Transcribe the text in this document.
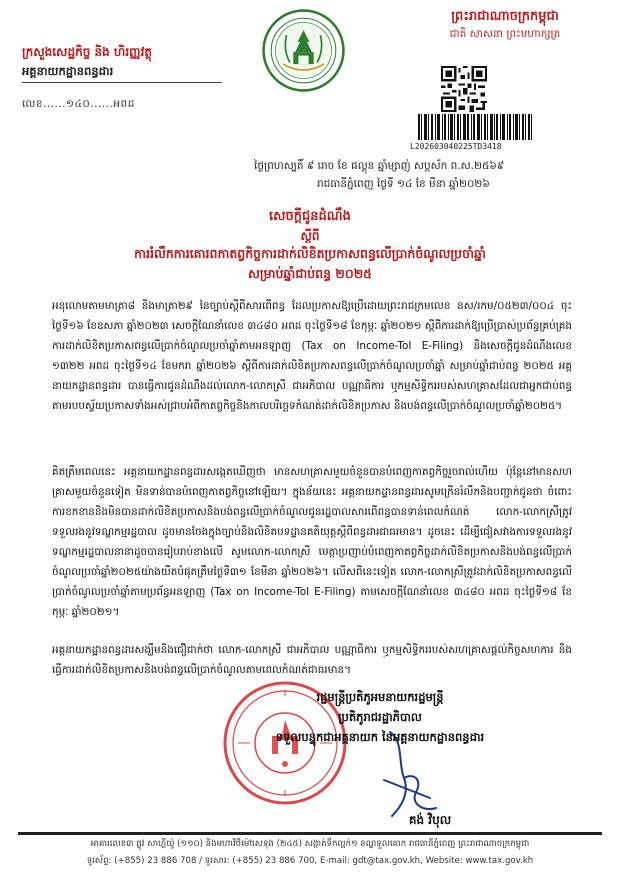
ក្រសួងសេដ្ឋកិច្ច និង ហិរញ្ញវត្ថុ
អគ្គនាយកដ្ឋានពន្ធដារ
លេខ......១៤០......អពដ
ព្រះរាជាណាចក្រកម្ពុជា
ជាតិ សាសនា ព្រះមហាក្សត្រ
L202603040225TD3418
ថ្ងៃព្រហស្បតិ៍ ៩ រោច ខែ ផល្គុន ឆ្នាំម្សាញ់ សប្តស័ក ព.ស.២៥៦៩
រាជធានីភ្នំពេញ ថ្ងៃទី ១៤ ខែ មីនា ឆ្នាំ២០២៦
សេចក្តីជូនដំណឹង
ស្តីពី
ការរំលឹកការគោរពកាតព្វកិច្ចការដាក់លិខិតប្រកាសពន្ធលើប្រាក់ចំណូលប្រចាំឆ្នាំ
សម្រាប់ឆ្នាំជាប់ពន្ធ ២០២៥
អនុលោមតាមមាត្រា៨ និងមាត្រា២៩ នៃច្បាប់ស្តីពីសារពើពន្ធ ដែលប្រកាសឱ្យប្រើដោយព្រះរាជក្រមលេខ នស/រកម/០៥២៣/០០៤ ចុះថ្ងៃទី១៦ ខែឧសភា ឆ្នាំ២០២៣ សេចក្តីណែនាំលេខ ៣៤៨០ អពដ ចុះថ្ងៃទី១៨ ខែកុម្ភៈ ឆ្នាំ២០២១ ស្តីពីការដាក់ឱ្យប្រើប្រាស់ប្រព័ន្ធគ្រប់គ្រងការដាក់លិខិតប្រកាសពន្ធលើប្រាក់ចំណូលប្រចាំឆ្នាំតាមអនឡាញ (Tax on Income-ToI E-Filing) និងសេចក្តីជូនដំណឹងលេខ ១៣២២ អពដ ចុះថ្ងៃទី១៤ ខែមករា ឆ្នាំ២០២៦ ស្តីពីការដាក់លិខិតប្រកាសពន្ធលើប្រាក់ចំណូលប្រចាំឆ្នាំ សម្រាប់ឆ្នាំជាប់ពន្ធ ២០២៥ អគ្គនាយកដ្ឋានពន្ធដារ បានធ្វើការជូនដំណឹងដល់លោក-លោកស្រី ជាអភិបាល បណ្ណាធិការ ឬកម្មសិទ្ធិកររបស់សហគ្រាសដែលជាអ្នកជាប់ពន្ធតាមរបបស្វ័យប្រកាសទាំងអស់ជ្រាបអំពីកាតព្វកិច្ចនិងកាលបរិច្ឆេទកំណត់ដាក់លិខិតប្រកាស និងបង់ពន្ធលើប្រាក់ចំណូលប្រចាំឆ្នាំ២០២៥។
គិតត្រឹមពេលនេះ អគ្គនាយកដ្ឋានពន្ធដារសង្កេតឃើញថា មានសហគ្រាសមួយចំនួនបានបំពេញកាតព្វកិច្ចរួចរាល់ហើយ ប៉ុន្តែនៅមានសហគ្រាសមួយចំនួនទៀត មិនទាន់បានបំពេញកាតព្វកិច្ចនៅឡើយ។ ក្នុងន័យនេះ អគ្គនាយកដ្ឋានពន្ធដារសូមក្រើនរំលឹកនិងបញ្ជាក់ជូនថា ចំពោះការខកខាននិងមិនបានដាក់លិខិតប្រកាសនិងបង់ពន្ធលើប្រាក់ចំណូលជូនរដ្ឋបាលសារពើពន្ធបានទាន់ពេលកំណត់ លោក-លោកស្រីត្រូវទទួលរងនូវទណ្ឌកម្មរដ្ឋបាល ដូចមានចែងក្នុងច្បាប់និងលិខិតបទដ្ឋានគតិយុត្តស្តីពីពន្ធដារជាធរមាន។ ដូចនេះ ដើម្បីជៀសវាងការទទួលរងនូវទណ្ឌកម្មរដ្ឋបាលនានាដូចបានរៀបរាប់ខាងលើ សូមលោក-លោកស្រី មេត្តាប្រញាប់បំពេញកាតព្វកិច្ចដាក់លិខិតប្រកាសនិងបង់ពន្ធលើប្រាក់ចំណូលប្រចាំឆ្នាំ២០២៥យ៉ាងយឺតបំផុតត្រឹមថ្ងៃទី៣១ ខែមីនា ឆ្នាំ២០២៦។ លើសពីនេះទៀត លោក-លោកស្រីត្រូវដាក់លិខិតប្រកាសពន្ធលើប្រាក់ចំណូលប្រចាំឆ្នាំតាមប្រព័ន្ធអនឡាញ (Tax on Income-ToI E-Filing) តាមសេចក្តីណែនាំលេខ ៣៤៨០ អពដ ចុះថ្ងៃទី១៨ ខែកុម្ភៈ ឆ្នាំ២០២១។
អគ្គនាយកដ្ឋានពន្ធដារសង្ឃឹមនិងជឿជាក់ថា លោក-លោកស្រី ជាអភិបាល បណ្ណាធិការ ឬកម្មសិទ្ធិកររបស់សហគ្រាសផ្តល់កិច្ចសហការ និងធ្វើការដាក់លិខិតប្រកាសនិងបង់ពន្ធលើប្រាក់ចំណូលតាមពេលកំណត់ជាធរមាន។
រដ្ឋមន្ត្រីប្រតិភូអមនាយករដ្ឋមន្ត្រី
ប្រតិភូរាជរដ្ឋាភិបាល
ទទួលបន្ទុកជាអគ្គនាយក នៃអគ្គនាយកដ្ឋានពន្ធដារ
គង់ វិបុល
អាគារលេខ៣ ផ្លូវ សាហ្គីយ៉ូ (១១០) និងមហាវិថីម៉ៅសេទុង (២៤៥) សង្កាត់ទឹកល្អក់១ ខណ្ឌទួលគោក រាជធានីភ្នំពេញ ព្រះរាជាណាចក្រកម្ពុជា
ទូរស័ព្ទ: (+855) 23 886 708 / ទូរសារ: (+855) 23 886 700, E-mail: gdt@tax.gov.kh, Website: www.tax.gov.kh
